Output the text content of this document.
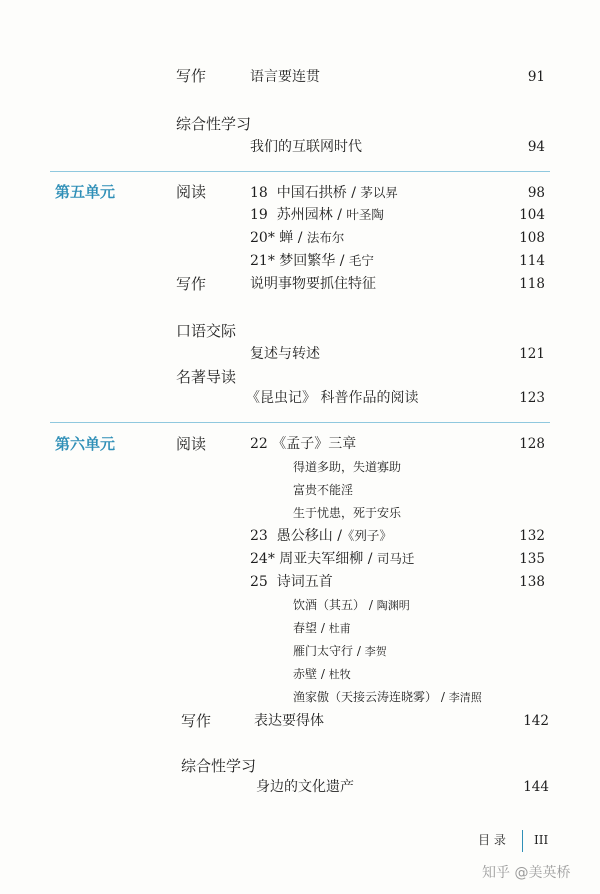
写作	语言要连贯	91
综合性学习
我们的互联网时代	94
第五单元	阅读	18 中国石拱桥 / 茅以昇	98
19 苏州园林 / 叶圣陶	104
20* 蝉 / 法布尔	108
21* 梦回繁华 / 毛宁	114
写作	说明事物要抓住特征	118
口语交际
复述与转述	121
名著导读
《昆虫记》 科普作品的阅读	123
第六单元	阅读	22 《孟子》三章	128
得道多助，失道寡助
富贵不能淫
生于忧患，死于安乐
23 愚公移山 /《列子》	132
24* 周亚夫军细柳 / 司马迁	135
25 诗词五首	138
饮酒（其五） / 陶渊明
春望 / 杜甫
雁门太守行 / 李贺
赤壁 / 杜牧
渔家傲（天接云涛连晓雾） / 李清照
写作	表达要得体	142
综合性学习
身边的文化遗产	144
目 录 III
知乎 @美英桥
